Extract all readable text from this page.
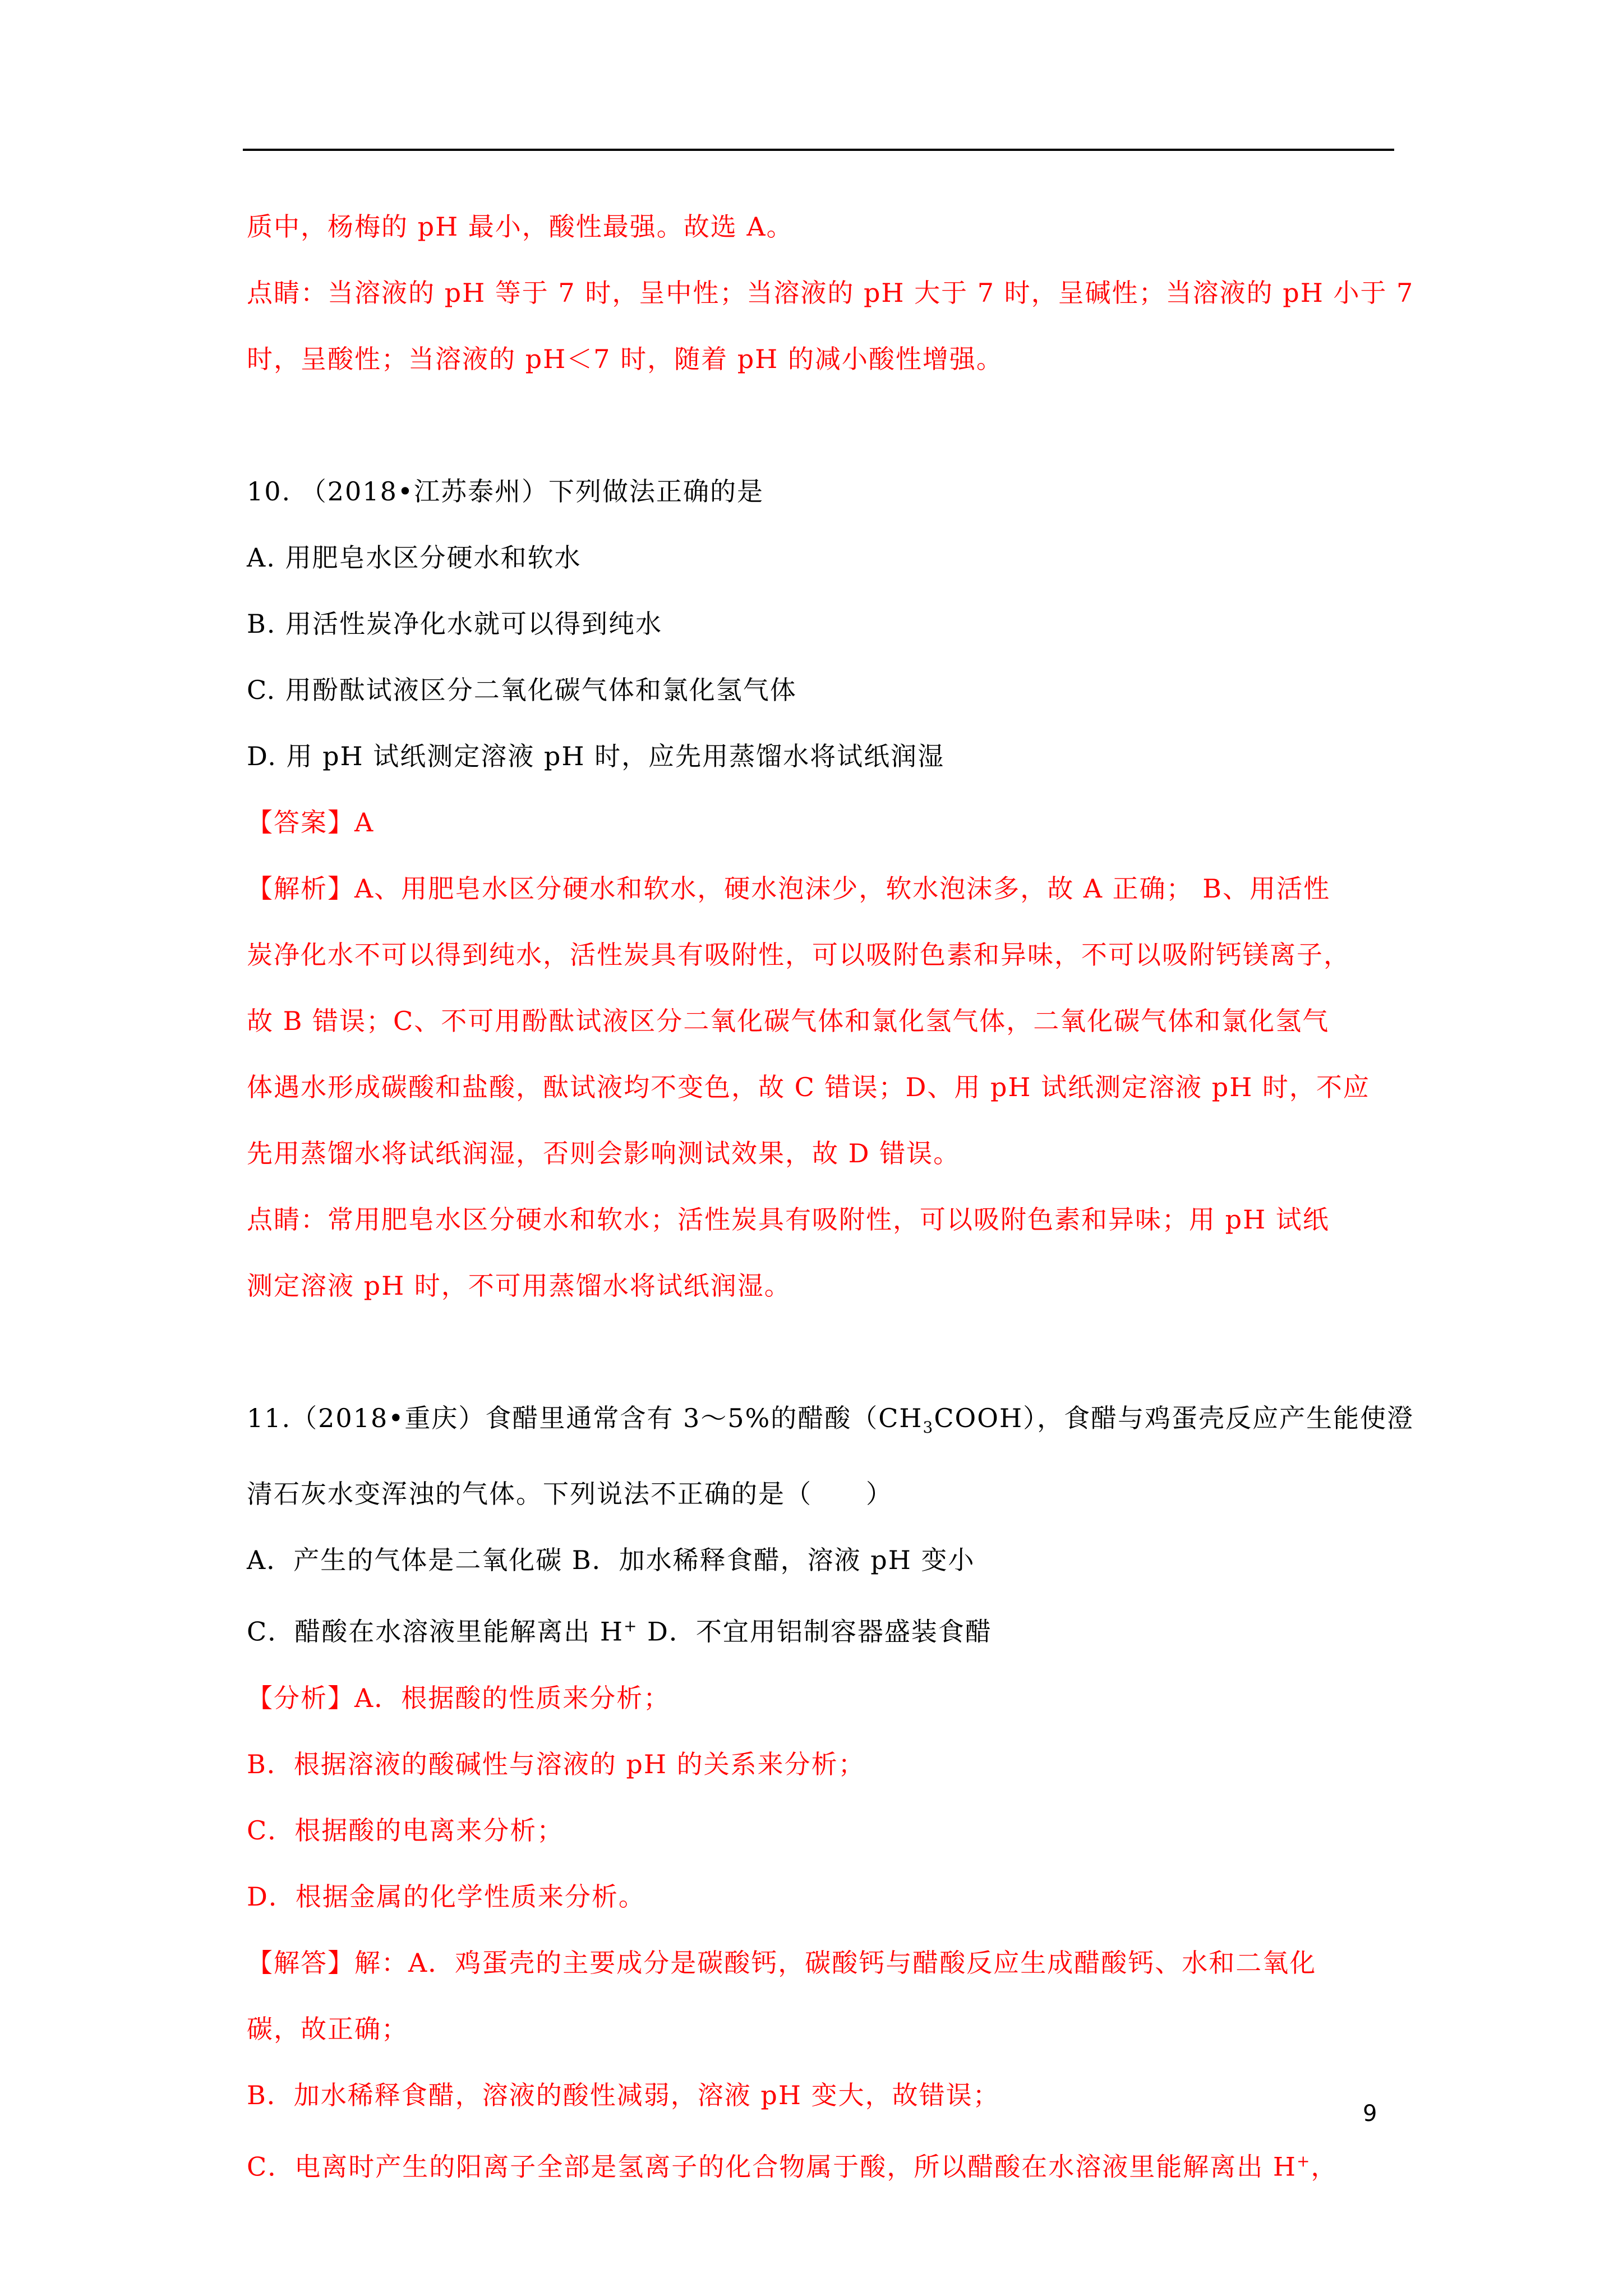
质中，杨梅的 pH 最小，酸性最强。故选 A。
点睛：当溶液的 pH 等于 7 时，呈中性；当溶液的 pH 大于 7 时，呈碱性；当溶液的 pH 小于 7
时，呈酸性；当溶液的 pH＜7 时，随着 pH 的减小酸性增强。
10. （2018•江苏泰州）下列做法正确的是
A. 用肥皂水区分硬水和软水
B. 用活性炭净化水就可以得到纯水
C. 用酚酞试液区分二氧化碳气体和氯化氢气体
D. 用 pH 试纸测定溶液 pH 时，应先用蒸馏水将试纸润湿
【答案】A
【解析】A、用肥皂水区分硬水和软水，硬水泡沫少，软水泡沫多，故 A 正确； B、用活性
炭净化水不可以得到纯水，活性炭具有吸附性，可以吸附色素和异味，不可以吸附钙镁离子，
故 B 错误；C、不可用酚酞试液区分二氧化碳气体和氯化氢气体，二氧化碳气体和氯化氢气
体遇水形成碳酸和盐酸，酞试液均不变色，故 C 错误；D、用 pH 试纸测定溶液 pH 时，不应
先用蒸馏水将试纸润湿，否则会影响测试效果，故 D 错误。
点睛：常用肥皂水区分硬水和软水；活性炭具有吸附性，可以吸附色素和异味；用 pH 试纸
测定溶液 pH 时，不可用蒸馏水将试纸润湿。
11.（2018•重庆）食醋里通常含有 3～5%的醋酸$(CH_3COOH)$，食醋与鸡蛋壳反应产生能使澄
清石灰水变浑浊的气体。下列说法不正确的是（　　）
A．产生的气体是二氧化碳 B．加水稀释食醋，溶液 pH 变小
C．醋酸在水溶液里能解离出 H+ D．不宜用铝制容器盛装食醋
【分析】A．根据酸的性质来分析；
B．根据溶液的酸碱性与溶液的 pH 的关系来分析；
C．根据酸的电离来分析；
D．根据金属的化学性质来分析。
【解答】解：A．鸡蛋壳的主要成分是碳酸钙，碳酸钙与醋酸反应生成醋酸钙、水和二氧化
碳，故正确；
B．加水稀释食醋，溶液的酸性减弱，溶液 pH 变大，故错误；
C．电离时产生的阳离子全部是氢离子的化合物属于酸，所以醋酸在水溶液里能解离出 H+，
9
